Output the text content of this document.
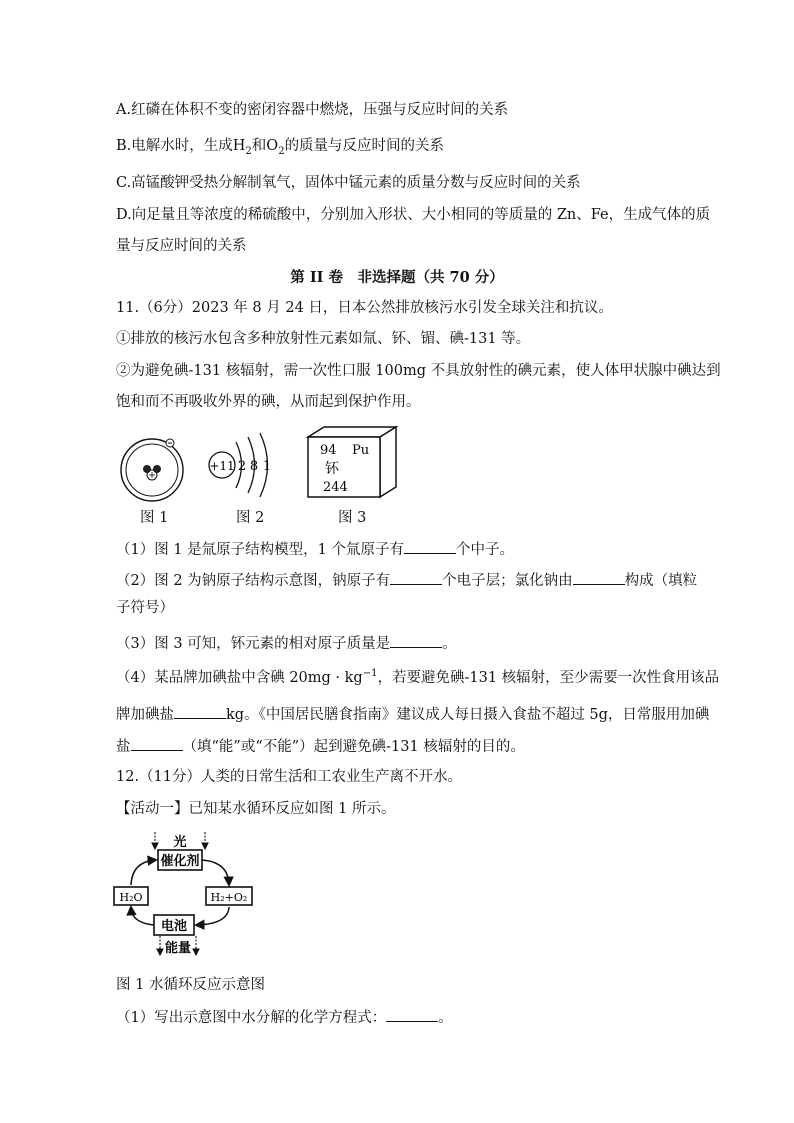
A.红磷在体积不变的密闭容器中燃烧，压强与反应时间的关系
B.电解水时，生成$H_2$和$O_2$的质量与反应时间的关系
C.高锰酸钾受热分解制氧气，固体中锰元素的质量分数与反应时间的关系
D.向足量且等浓度的稀硫酸中，分别加入形状、大小相同的等质量的 Zn、Fe，生成气体的质
量与反应时间的关系
第 II 卷　非选择题（共 70 分）
11.（6分）2023 年 8 月 24 日，日本公然排放核污水引发全球关注和抗议。
①排放的核污水包含多种放射性元素如氚、钚、镅、碘-131 等。
②为避免碘-131 核辐射，需一次性口服 100mg 不具放射性的碘元素，使人体甲状腺中碘达到
饱和而不再吸收外界的碘，从而起到保护作用。
+11 2 8 1
94 Pu
钚
244
图 1	图 2	图 3
（1）图 1 是氚原子结构模型，1 个氚原子有	个中子。
（2）图 2 为钠原子结构示意图，钠原子有	个电子层；氯化钠由	构成（填粒
子符号）
（3）图 3 可知，钚元素的相对原子质量是	。
（4）某品牌加碘盐中含碘 $20mg \cdot kg^{-1}$，若要避免碘-131 核辐射，至少需要一次性食用该品
牌加碘盐	kg。《中国居民膳食指南》建议成人每日摄入食盐不超过 5g，日常服用加碘
盐	（填“能”或“不能”）起到避免碘-131 核辐射的目的。
12.（11分）人类的日常生活和工农业生产离不开水。
【活动一】已知某水循环反应如图 1 所示。
光
催化剂
H₂O	H₂+O₂
电池
能量
图 1 水循环反应示意图
（1）写出示意图中水分解的化学方程式：	。
